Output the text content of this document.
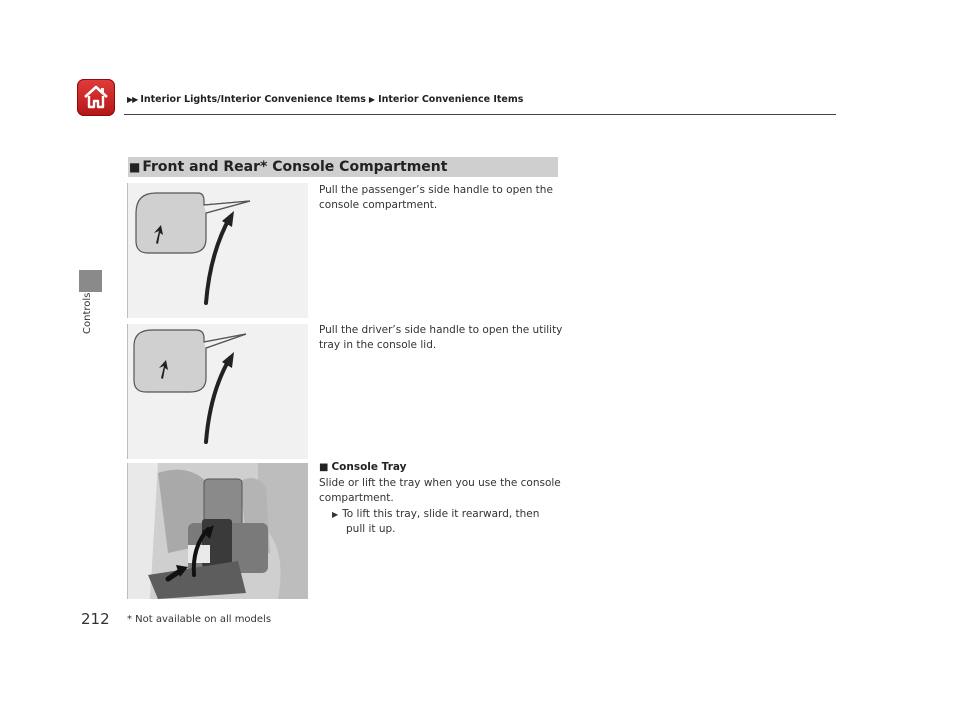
▶▶ Interior Lights/Interior Convenience Items ▶ Interior Convenience Items
Controls
212
■ Front and Rear* Console Compartment
Pull the passenger’s side handle to open the console compartment.
Pull the driver’s side handle to open the utility tray in the console lid.
■ Console Tray
Slide or lift the tray when you use the console compartment.
▶ To lift this tray, slide it rearward, then
pull it up.
* Not available on all models
